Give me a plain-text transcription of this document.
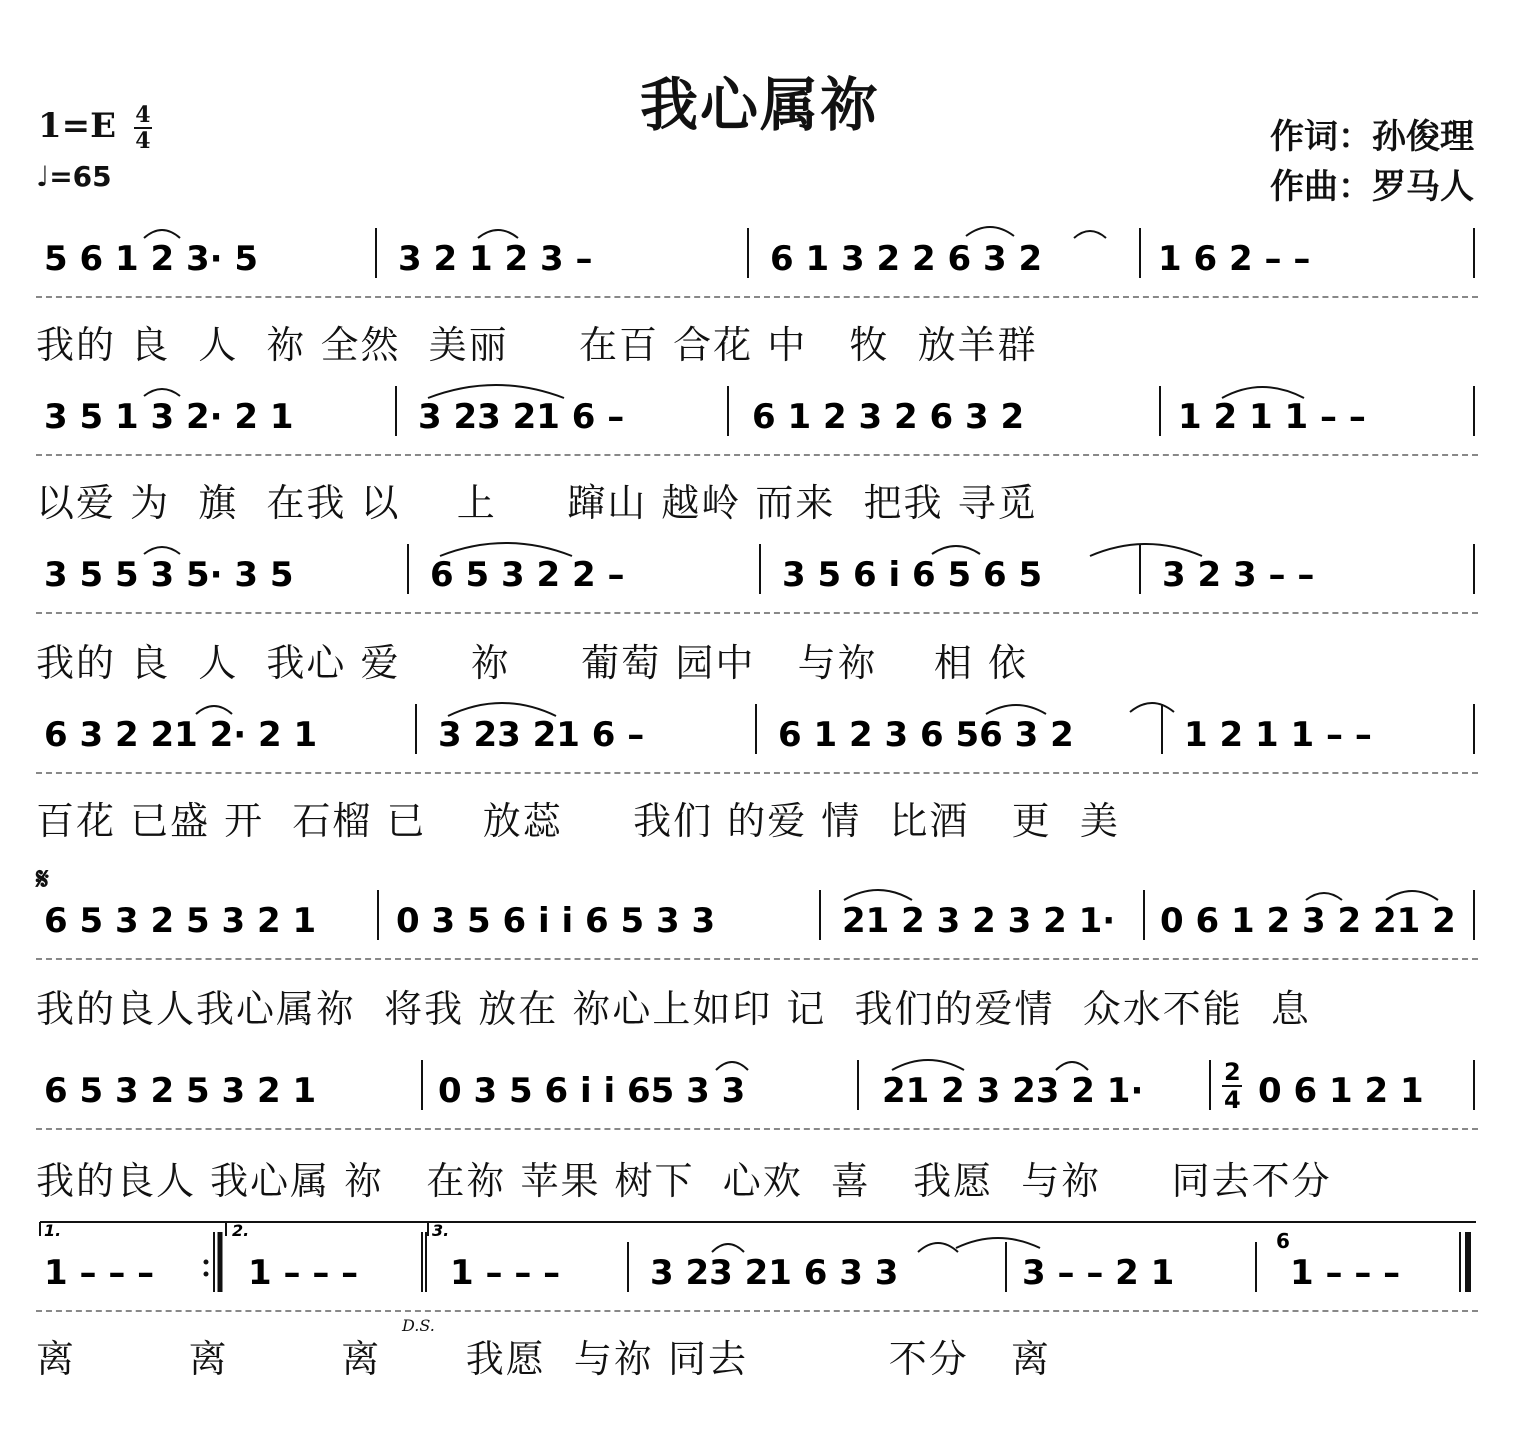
我心属祢
$1=E \frac{4}{4}$
♩=65
作词：孙俊理
作曲：罗马人
5 6 1 2 3· 5	3 2 1 2 3 –	6 1 3 2 2 6 3 2	1 6 2 – –
我的 良  人  祢 全然  美丽     在百 合花 中   牧  放羊群
3 5 1 3 2· 2 1	3 23 21 6 –	6 1 2 3 2 6 3 2	1 2 1 1 – –
以爱 为  旗  在我 以    上     蹿山 越岭 而来  把我 寻觅
3 5 5 3 5· 3 5	6 5 3 2 2 –	3 5 6 i 6 5 6 5	3 2 3 – –
我的 良  人  我心 爱     祢     葡萄 园中   与祢    相 依
6 3 2 21 2· 2 1	3 23 21 6 –	6 1 2 3 6 56 3 2	1 2 1 1 – –
百花 已盛 开  石榴 已    放蕊     我们 的爱 情  比酒   更  美
𝄋
6 5 3 2 5 3 2 1 0 3 5 6 i i 6 5 3 3	21 2 3 2 3 2 1· 0 6 1 2 3 2 21 2
我的良人我心属祢  将我 放在 祢心上如印 记  我们的爱情  众水不能  息
6 5 3 2 5 3 2 1	0 3 5 6 i i 65 3 3	21 2 3 23 2 1·	2
4 0 6 1 2 1
我的良人 我心属 祢   在祢 苹果 树下  心欢  喜   我愿  与祢     同去不分
1.	2.	3.
1 – – –	1 – – –	1 – – –	3 23 21 6 3 3	3 – – 2 1
6
1 – – –
D.S.
离        离        离      我愿  与祢 同去          不分   离
